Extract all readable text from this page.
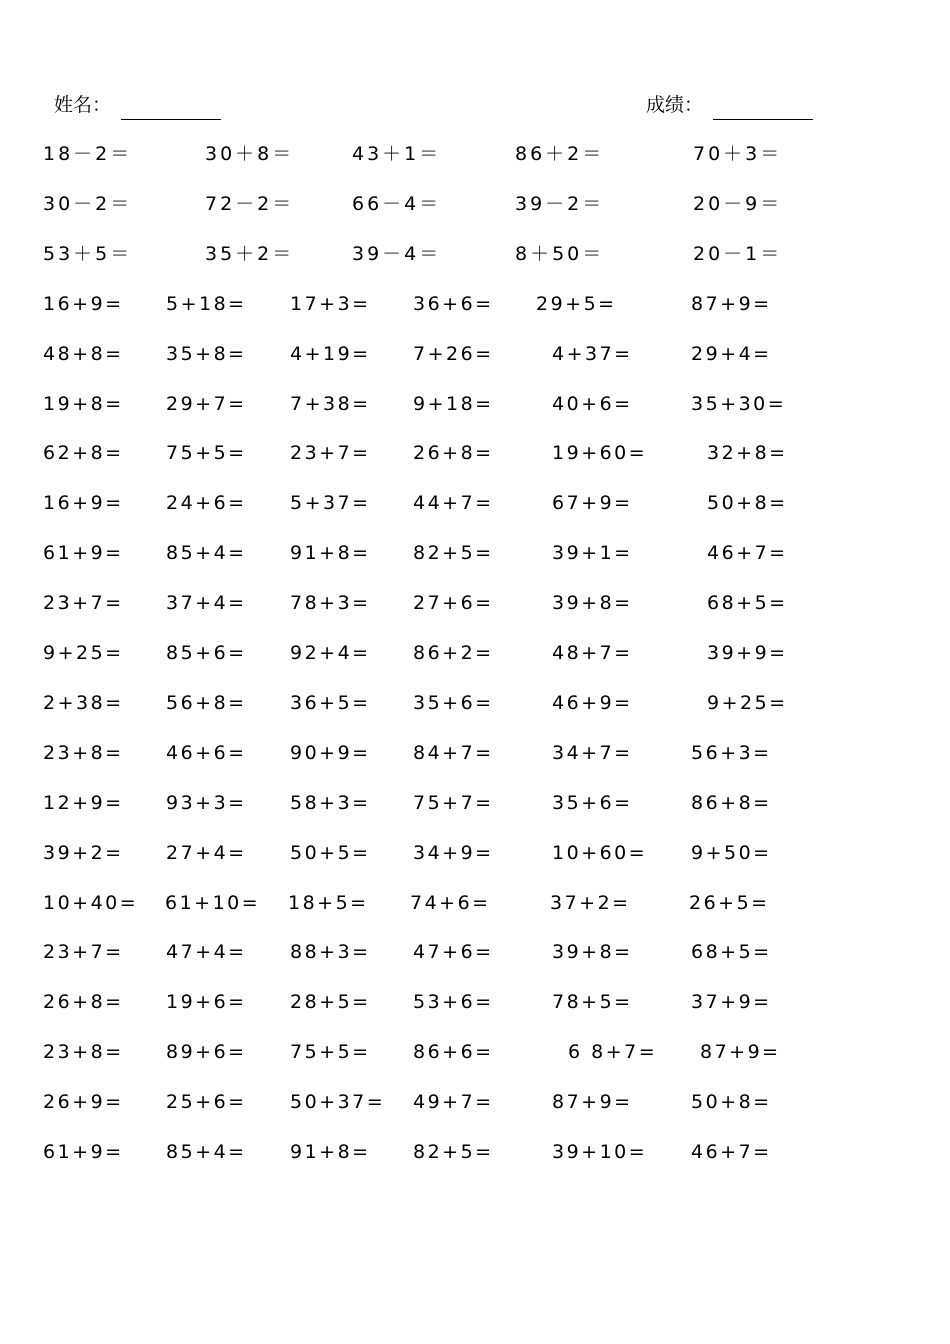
姓名：	成绩：
18－2＝	30＋8＝	43＋1＝	86＋2＝	70＋3＝
30－2＝	72－2＝	66－4＝	39－2＝	20－9＝
53＋5＝	35＋2＝	39－4＝	8＋50＝	20－1＝
16+9= 5+18= 17+3= 36+6= 29+5=	87+9=
48+8= 35+8= 4+19= 7+26=	4+37=	29+4=
19+8= 29+7= 7+38= 9+18=	40+6=	35+30=
62+8= 75+5= 23+7= 26+8=	19+60=	32+8=
16+9= 24+6= 5+37= 44+7=	67+9=	50+8=
61+9= 85+4= 91+8= 82+5=	39+1=	46+7=
23+7= 37+4= 78+3= 27+6=	39+8=	68+5=
9+25= 85+6= 92+4= 86+2=	48+7=	39+9=
2+38= 56+8= 36+5= 35+6=	46+9=	9+25=
23+8= 46+6= 90+9= 84+7=	34+7=	56+3=
12+9= 93+3= 58+3= 75+7=	35+6=	86+8=
39+2= 27+4= 50+5= 34+9=	10+60= 9+50=
10+40= 61+10= 18+5= 74+6=	37+2=	26+5=
23+7= 47+4= 88+3= 47+6=	39+8=	68+5=
26+8= 19+6= 28+5= 53+6=	78+5=	37+9=
23+8= 89+6= 75+5= 86+6=	6 8+7= 87+9=
26+9= 25+6= 50+37= 49+7=	87+9=	50+8=
61+9= 85+4= 91+8= 82+5=	39+10= 46+7=
